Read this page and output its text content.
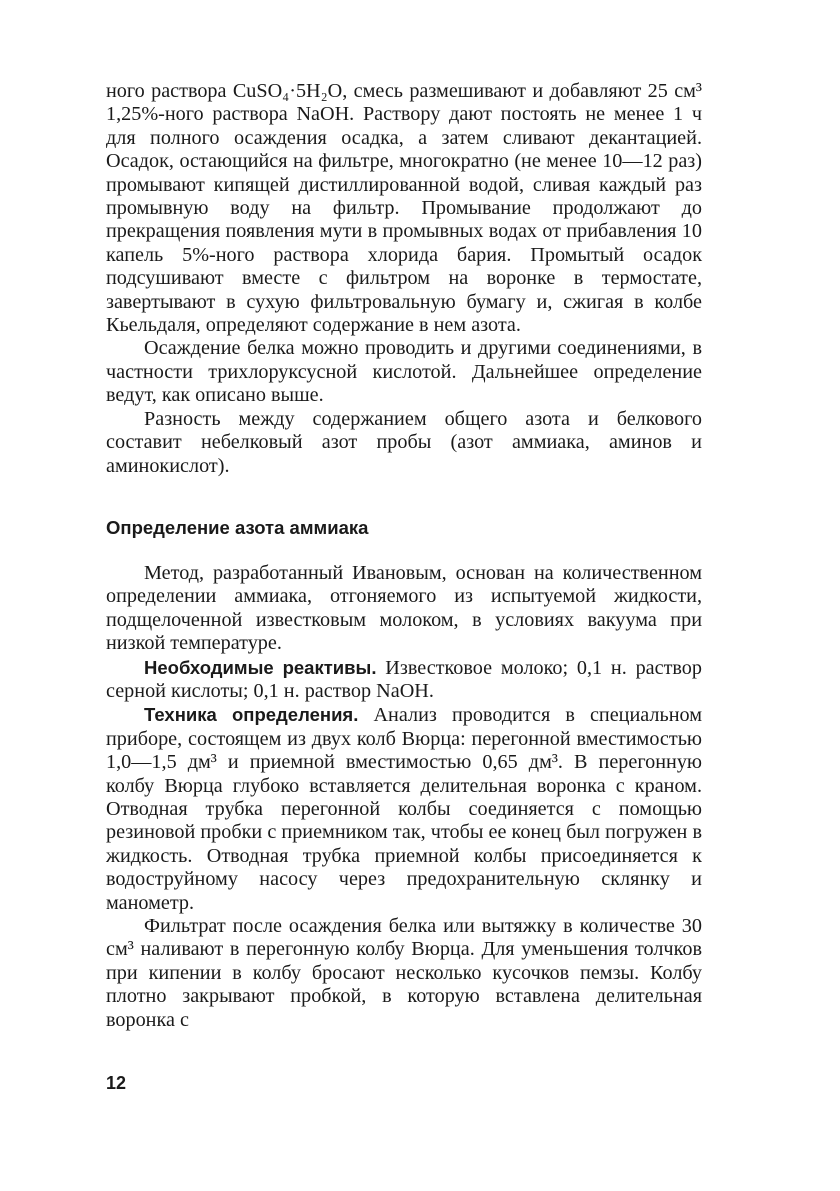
ного раствора CuSO₄·5H₂O, смесь размешивают и добавляют 25 см³ 1,25%-ного раствора NaOH. Раствору дают постоять не менее 1 ч для полного осаждения осадка, а затем сливают декантацией. Осадок, остающийся на фильтре, многократно (не менее 10—12 раз) промывают кипящей дистиллированной водой, сливая каждый раз промывную воду на фильтр. Промывание продолжают до прекращения появления мути в промывных водах от прибавления 10 капель 5%-ного раствора хлорида бария. Промытый осадок подсушивают вместе с фильтром на воронке в термостате, завертывают в сухую фильтровальную бумагу и, сжигая в колбе Кьельдаля, определяют содержание в нем азота.

Осаждение белка можно проводить и другими соединениями, в частности трихлоруксусной кислотой. Дальнейшее определение ведут, как описано выше.

Разность между содержанием общего азота и белкового составит небелковый азот пробы (азот аммиака, аминов и аминокислот).

Определение азота аммиака

Метод, разработанный Ивановым, основан на количественном определении аммиака, отгоняемого из испытуемой жидкости, подщелоченной известковым молоком, в условиях вакуума при низкой температуре.

Необходимые реактивы. Известковое молоко; 0,1 н. раствор серной кислоты; 0,1 н. раствор NaOH.

Техника определения. Анализ проводится в специальном приборе, состоящем из двух колб Вюрца: перегонной вместимостью 1,0—1,5 дм³ и приемной вместимостью 0,65 дм³. В перегонную колбу Вюрца глубоко вставляется делительная воронка с краном. Отводная трубка перегонной колбы соединяется с помощью резиновой пробки с приемником так, чтобы ее конец был погружен в жидкость. Отводная трубка приемной колбы присоединяется к водоструйному насосу через предохранительную склянку и манометр.

Фильтрат после осаждения белка или вытяжку в количестве 30 см³ наливают в перегонную колбу Вюрца. Для уменьшения толчков при кипении в колбу бросают несколько кусочков пемзы. Колбу плотно закрывают пробкой, в которую вставлена делительная воронка с

12
